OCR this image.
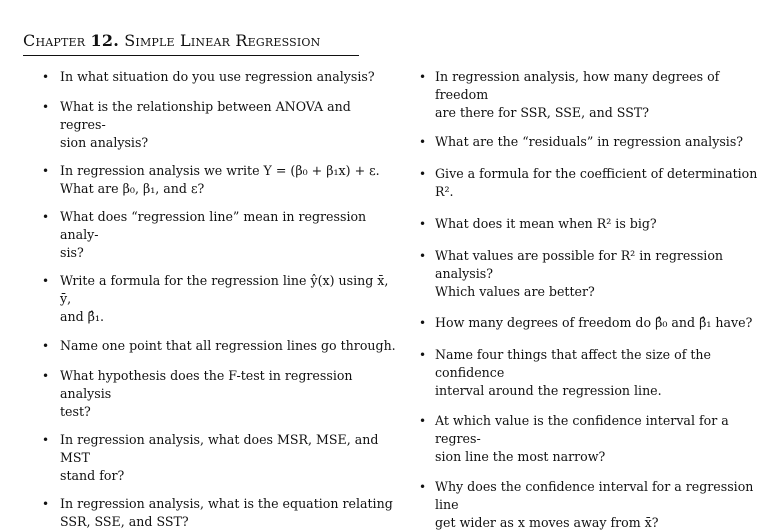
Chapter 12. Simple Linear Regression
• In what situation do you use regression analysis?
• What is the relationship between ANOVA and regres-
sion analysis?
• In regression analysis we write Y = (β₀ + β₁x) + ε.
What are β₀, β₁, and ε?
• What does “regression line” mean in regression analy-
sis?
• Write a formula for the regression line ŷ(x) using x̄, ȳ,
and β̂₁.
• Name one point that all regression lines go through.
• What hypothesis does the F-test in regression analysis
test?
• In regression analysis, what does MSR, MSE, and MST
stand for?
• In regression analysis, what is the equation relating
SSR, SSE, and SST?
• In regression analysis, how many degrees of freedom
are there for SSR, SSE, and SST?
• What are the “residuals” in regression analysis?
• Give a formula for the coefficient of determination R².
• What does it mean when R² is big?
• What values are possible for R² in regression analysis?
Which values are better?
• How many degrees of freedom do β̂₀ and β̂₁ have?
• Name four things that affect the size of the confidence
interval around the regression line.
• At which value is the confidence interval for a regres-
sion line the most narrow?
• Why does the confidence interval for a regression line
get wider as x moves away from x̄?
